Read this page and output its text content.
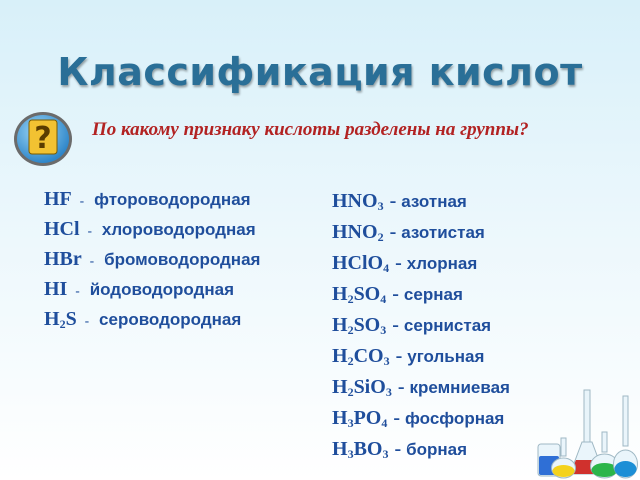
Классификация кислот
? По какому признаку кислоты разделены на группы?
HF - фтороводородная
HCl - хлороводородная
HBr - бромоводородная
HI - йодоводородная
$H_2S$ - сероводородная
$HNO_3$ - азотная
$HNO_2$ - азотистая
HClO$_4$ - хлорная
$H_2SO_4$ - серная
$H_2SO_3$ - сернистая
$H_2CO_3$ - угольная
$H_2SiO_3$ - кремниевая
$H_3PO_4$ - фосфорная
$H_3BO_3$ - борная
